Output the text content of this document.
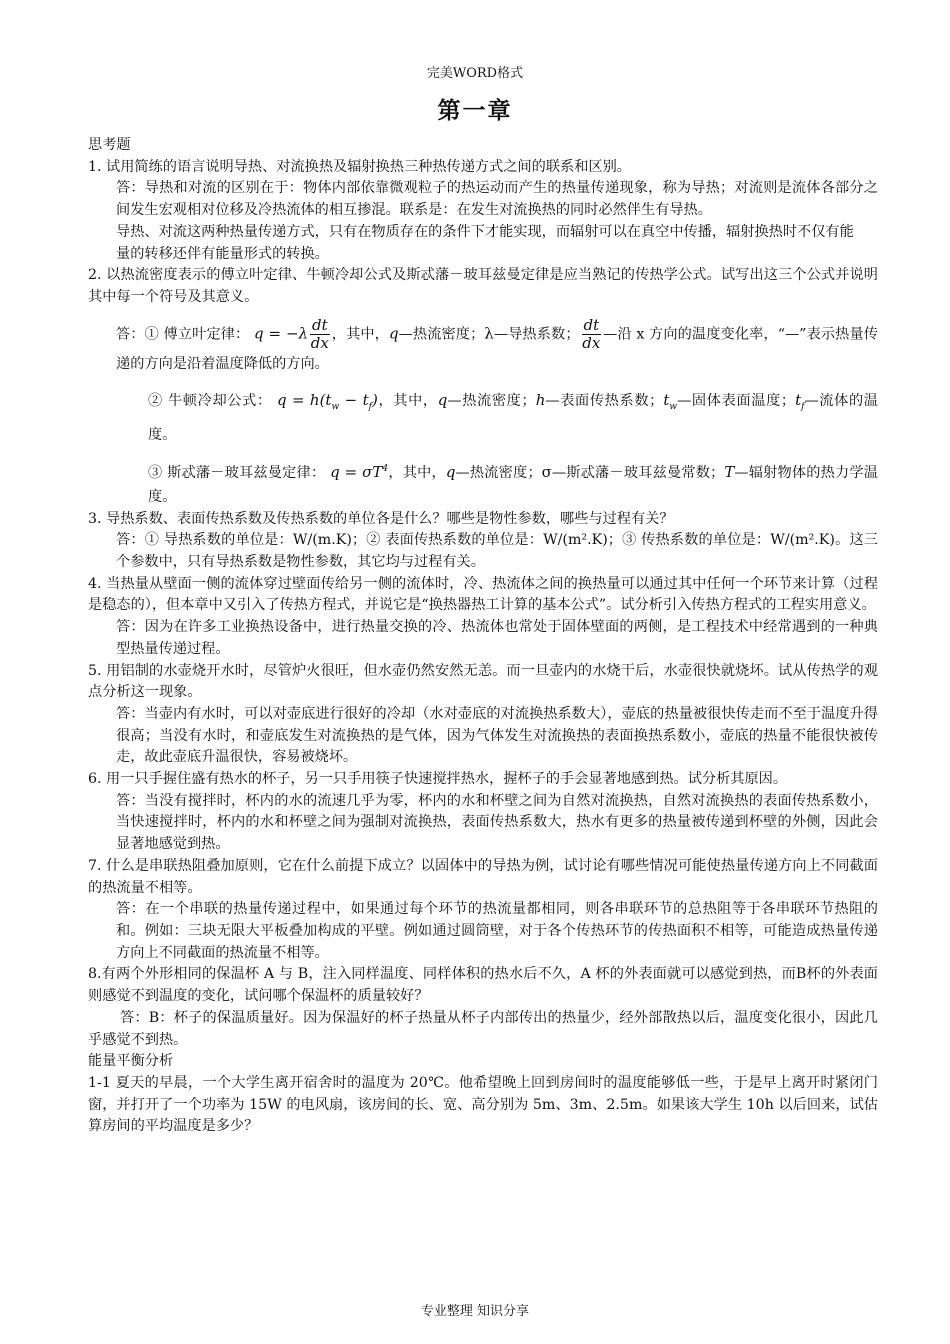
完美WORD格式
第一章

思考题

1. 试用简练的语言说明导热、对流换热及辐射换热三种热传递方式之间的联系和区别。

答：导热和对流的区别在于：物体内部依靠微观粒子的热运动而产生的热量传递现象，称为导热；对流则是流体各部分之间发生宏观相对位移及冷热流体的相互掺混。联系是：在发生对流换热的同时必然伴生有导热。

导热、对流这两种热量传递方式，只有在物质存在的条件下才能实现，而辐射可以在真空中传播，辐射换热时不仅有能

量的转移还伴有能量形式的转换。

2. 以热流密度表示的傅立叶定律、牛顿冷却公式及斯忒藩－玻耳兹曼定律是应当熟记的传热学公式。试写出这三个公式并说明其中每一个符号及其意义。

答：① 傅立叶定律： $q = -\lambda \frac{dt}{dx}$ ，其中，q—热流密度；λ—导热系数； $\frac{dt}{dx}$ —沿 x 方向的温度变化率，“—”表示热量传递的方向是沿着温度降低的方向。

② 牛顿冷却公式： $q = h(t_w - t_f)$，其中，q—热流密度；h—表面传热系数；$t_w—$固体表面温度；$t_f—$流体的温度。

③ 斯忒藩－玻耳兹曼定律： $q = \sigma T^4$，其中，q—热流密度；σ—斯忒藩－玻耳兹曼常数；T—辐射物体的热力学温度。

3. 导热系数、表面传热系数及传热系数的单位各是什么？哪些是物性参数，哪些与过程有关？

答：① 导热系数的单位是：W/(m.K)；② 表面传热系数的单位是：W/(m².K)；③ 传热系数的单位是：W/(m².K)。这三个参数中，只有导热系数是物性参数，其它均与过程有关。

4. 当热量从壁面一侧的流体穿过壁面传给另一侧的流体时，冷、热流体之间的换热量可以通过其中任何一个环节来计算（过程是稳态的），但本章中又引入了传热方程式，并说它是“换热器热工计算的基本公式”。试分析引入传热方程式的工程实用意义。

答：因为在许多工业换热设备中，进行热量交换的冷、热流体也常处于固体壁面的两侧，是工程技术中经常遇到的一种典型热量传递过程。

5. 用铝制的水壶烧开水时，尽管炉火很旺，但水壶仍然安然无恙。而一旦壶内的水烧干后，水壶很快就烧坏。试从传热学的观点分析这一现象。

答：当壶内有水时，可以对壶底进行很好的冷却（水对壶底的对流换热系数大），壶底的热量被很快传走而不至于温度升得很高；当没有水时，和壶底发生对流换热的是气体，因为气体发生对流换热的表面换热系数小，壶底的热量不能很快被传走，故此壶底升温很快，容易被烧坏。

6. 用一只手握住盛有热水的杯子，另一只手用筷子快速搅拌热水，握杯子的手会显著地感到热。试分析其原因。

答：当没有搅拌时，杯内的水的流速几乎为零，杯内的水和杯壁之间为自然对流换热，自然对流换热的表面传热系数小，当快速搅拌时，杯内的水和杯壁之间为强制对流换热，表面传热系数大，热水有更多的热量被传递到杯壁的外侧，因此会显著地感觉到热。

7. 什么是串联热阻叠加原则，它在什么前提下成立？以固体中的导热为例，试讨论有哪些情况可能使热量传递方向上不同截面的热流量不相等。

答：在一个串联的热量传递过程中，如果通过每个环节的热流量都相同，则各串联环节的总热阻等于各串联环节热阻的和。例如：三块无限大平板叠加构成的平壁。例如通过圆筒壁，对于各个传热环节的传热面积不相等，可能造成热量传递方向上不同截面的热流量不相等。

8.有两个外形相同的保温杯 A 与 B，注入同样温度、同样体积的热水后不久，A 杯的外表面就可以感觉到热，而B杯的外表面则感觉不到温度的变化，试问哪个保温杯的质量较好？

答：B：杯子的保温质量好。因为保温好的杯子热量从杯子内部传出的热量少，经外部散热以后，温度变化很小，因此几乎感觉不到热。

能量平衡分析

1-1 夏天的早晨，一个大学生离开宿舍时的温度为 20℃。他希望晚上回到房间时的温度能够低一些，于是早上离开时紧闭门窗，并打开了一个功率为 15W 的电风扇，该房间的长、宽、高分别为 5m、3m、2.5m。如果该大学生 10h 以后回来，试估算房间的平均温度是多少？

专业整理 知识分享
